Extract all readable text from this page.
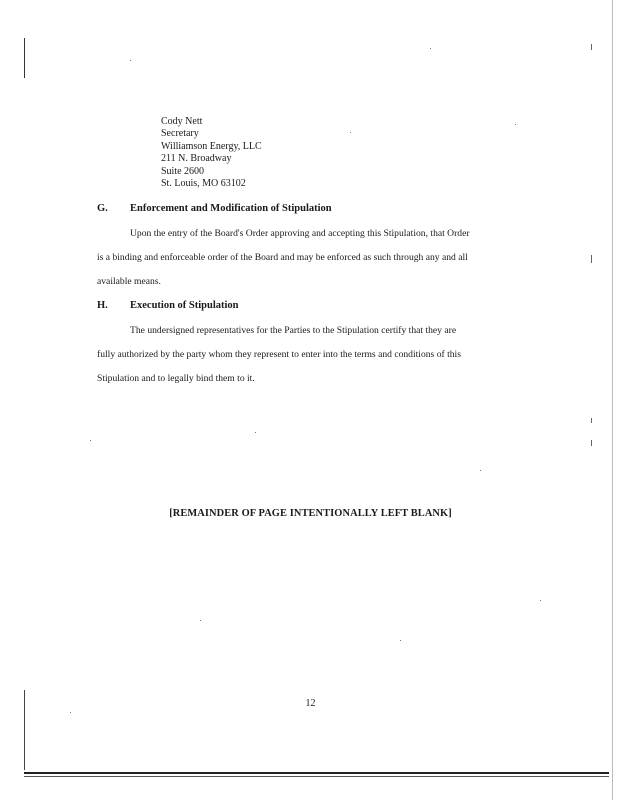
Cody Nett
Secretary
Williamson Energy, LLC
211 N. Broadway
Suite 2600
St. Louis, MO 63102
G. Enforcement and Modification of Stipulation
Upon the entry of the Board's Order approving and accepting this Stipulation, that Order
is a binding and enforceable order of the Board and may be enforced as such through any and all
available means.
H. Execution of Stipulation
The undersigned representatives for the Parties to the Stipulation certify that they are
fully authorized by the party whom they represent to enter into the terms and conditions of this
Stipulation and to legally bind them to it.
[REMAINDER OF PAGE INTENTIONALLY LEFT BLANK]
12
